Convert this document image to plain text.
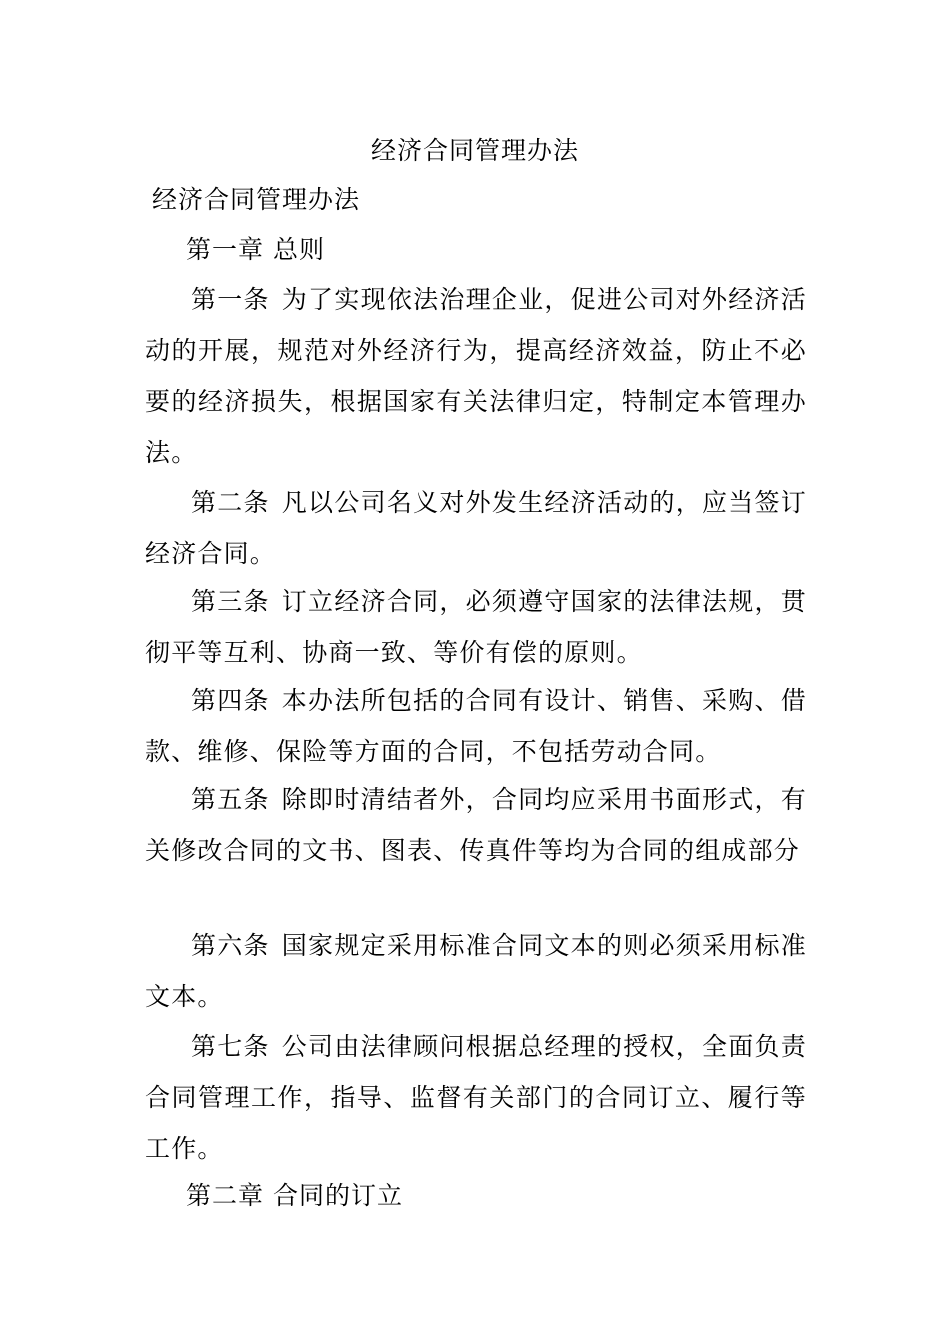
经济合同管理办法
经济合同管理办法
第一章 总则

第一条 为了实现依法治理企业，促进公司对外经济活动的开展，规范对外经济行为，提高经济效益，防止不必要的经济损失，根据国家有关法律归定，特制定本管理办法。

第二条 凡以公司名义对外发生经济活动的，应当签订经济合同。

第三条 订立经济合同，必须遵守国家的法律法规，贯彻平等互利、协商一致、等价有偿的原则。

第四条 本办法所包括的合同有设计、销售、采购、借款、维修、保险等方面的合同，不包括劳动合同。

第五条 除即时清结者外，合同均应采用书面形式，有关修改合同的文书、图表、传真件等均为合同的组成部分

第六条 国家规定采用标准合同文本的则必须采用标准文本。

第七条 公司由法律顾问根据总经理的授权，全面负责合同管理工作，指导、监督有关部门的合同订立、履行等工作。

第二章 合同的订立
